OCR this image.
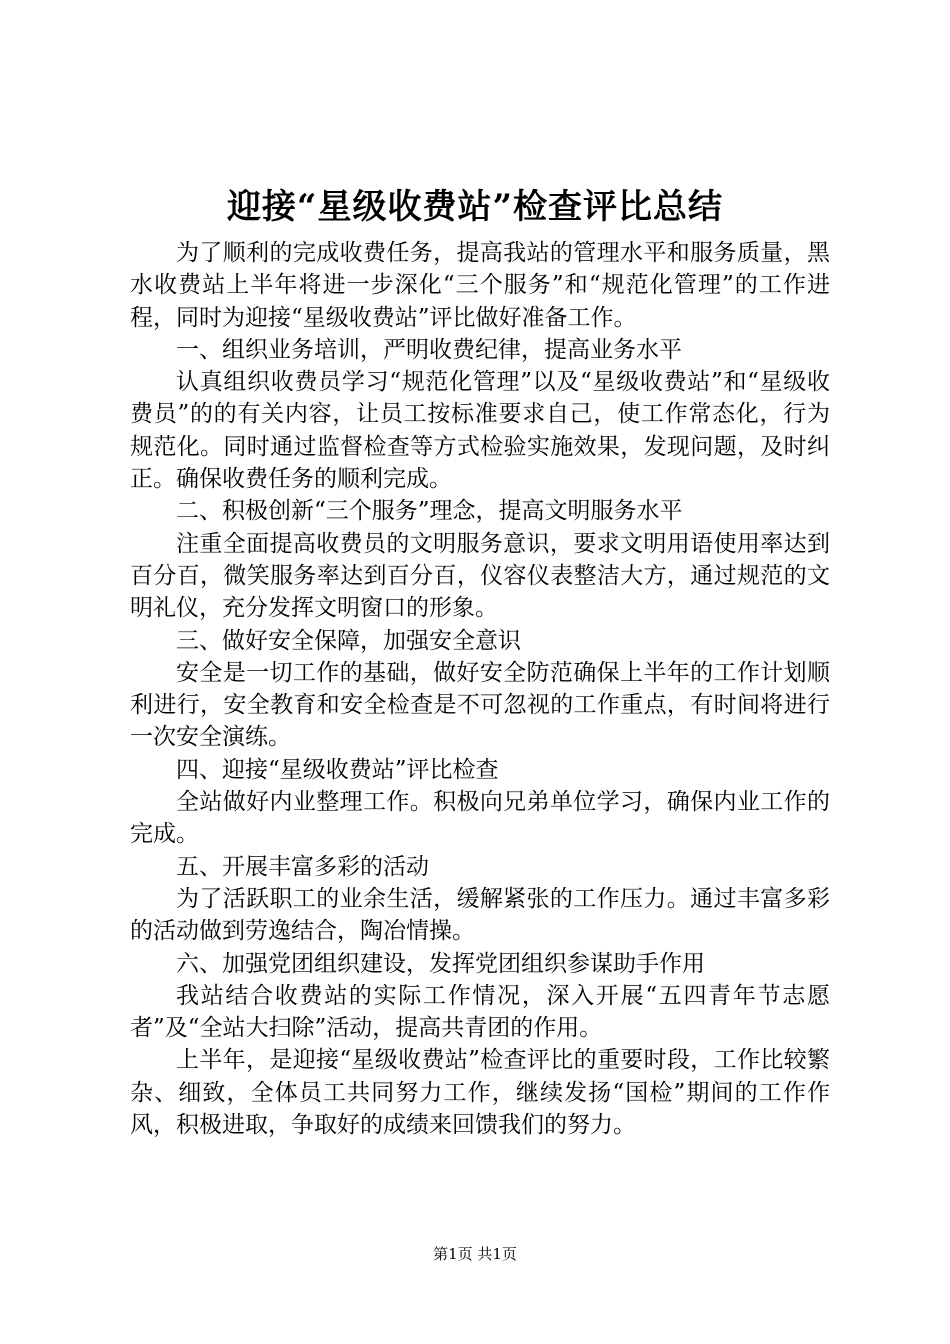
迎接“星级收费站”检查评比总结

为了顺利的完成收费任务，提高我站的管理水平和服务质量，黑水收费站上半年将进一步深化“三个服务”和“规范化管理”的工作进程，同时为迎接“星级收费站”评比做好准备工作。

一、组织业务培训，严明收费纪律，提高业务水平

认真组织收费员学习“规范化管理”以及“星级收费站”和“星级收费员”的的有关内容，让员工按标准要求自己，使工作常态化，行为规范化。同时通过监督检查等方式检验实施效果，发现问题，及时纠正。确保收费任务的顺利完成。

二、积极创新“三个服务”理念，提高文明服务水平

注重全面提高收费员的文明服务意识，要求文明用语使用率达到百分百，微笑服务率达到百分百，仪容仪表整洁大方，通过规范的文明礼仪，充分发挥文明窗口的形象。

三、做好安全保障，加强安全意识

安全是一切工作的基础，做好安全防范确保上半年的工作计划顺利进行，安全教育和安全检查是不可忽视的工作重点，有时间将进行一次安全演练。

四、迎接“星级收费站”评比检查

全站做好内业整理工作。积极向兄弟单位学习，确保内业工作的完成。

五、开展丰富多彩的活动

为了活跃职工的业余生活，缓解紧张的工作压力。通过丰富多彩的活动做到劳逸结合，陶冶情操。

六、加强党团组织建设，发挥党团组织参谋助手作用

我站结合收费站的实际工作情况，深入开展“五四青年节志愿者”及“全站大扫除”活动，提高共青团的作用。

上半年，是迎接“星级收费站”检查评比的重要时段，工作比较繁杂、细致，全体员工共同努力工作，继续发扬“国检”期间的工作作风，积极进取，争取好的成绩来回馈我们的努力。

第1页 共1页
